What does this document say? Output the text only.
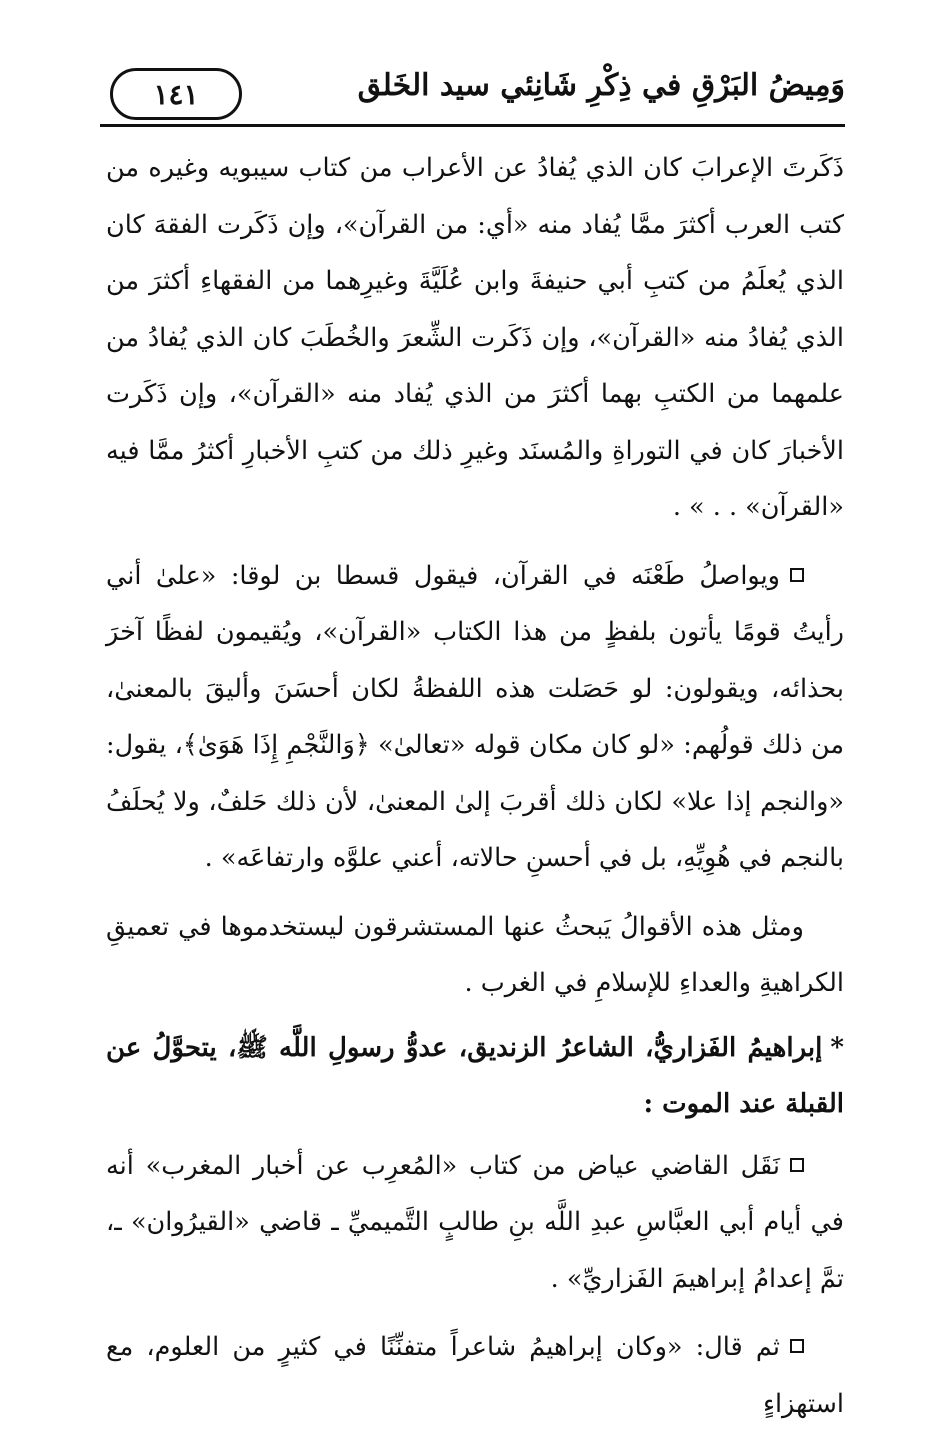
وَمِيضُ البَرْقِ في ذِكْرِ شَانِئي سيد الخَلق
١٤١

ذَكَرتَ الإعرابَ كان الذي يُفادُ عن الأعراب من كتاب سيبويه وغيره من كتب العرب أكثرَ ممَّا يُفاد منه «أي: من القرآن»، وإن ذَكَرت الفقهَ كان الذي يُعلَمُ من كتبِ أبي حنيفةَ وابن عُلَيَّةَ وغيرِهما من الفقهاءِ أكثرَ من الذي يُفادُ منه «القرآن»، وإن ذَكَرت الشِّعرَ والخُطَبَ كان الذي يُفادُ من علمهما من الكتبِ بهما أكثرَ من الذي يُفاد منه «القرآن»، وإن ذَكَرت الأخبارَ كان في التوراةِ والمُسنَد وغيرِ ذلك من كتبِ الأخبارِ أكثرُ ممَّا فيه «القرآن» . . » .

ويواصلُ طَعْنَه في القرآن، فيقول قسطا بن لوقا: «علىٰ أني رأيتُ قومًا يأتون بلفظٍ من هذا الكتاب «القرآن»، ويُقيمون لفظًا آخرَ بحذائه، ويقولون: لو حَصَلت هذه اللفظةُ لكان أحسَنَ وأليقَ بالمعنىٰ، من ذلك قولُهم: «لو كان مكان قوله «تعالىٰ» ﴿وَالنَّجْمِ إِذَا هَوَىٰ﴾، يقول: «والنجم إذا علا» لكان ذلك أقربَ إلىٰ المعنىٰ، لأن ذلك حَلفٌ، ولا يُحلَفُ بالنجم في هُوِيِّهِ، بل في أحسنِ حالاته، أعني علوَّه وارتفاعَه» .

ومثل هذه الأقوالُ يَبحثُ عنها المستشرقون ليستخدموها في تعميقِ الكراهيةِ والعداءِ للإسلامِ في الغرب .

*إبراهيمُ الفَزاريُّ، الشاعرُ الزنديق، عدوُّ رسولِ اللَّه ﷺ، يتحوَّلُ عن القبلة عند الموت :

نَقَل القاضي عياض من كتاب «المُعرِب عن أخبار المغرب» أنه في أيام أبي العبَّاسِ عبدِ اللَّه بنِ طالبٍ التَّميميِّ ـ قاضي «القيرُوان» ـ، تمَّ إعدامُ إبراهيمَ الفَزاريِّ» .

ثم قال: «وكان إبراهيمُ شاعراً متفنِّنًا في كثيرٍ من العلوم، مع استهزاءٍ
